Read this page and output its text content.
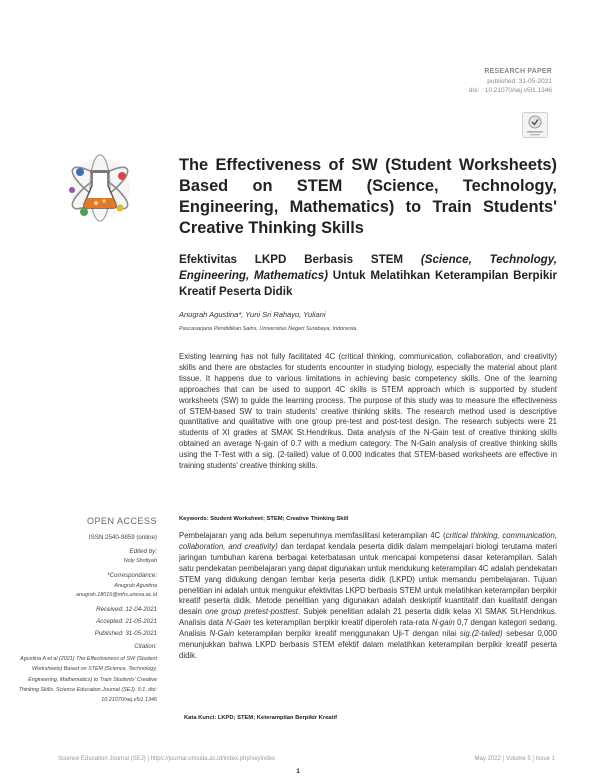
RESEARCH PAPER
published: 31-05-2021
doi: : 10.21070/sej.v5i1.1346
The Effectiveness of SW (Student Worksheets) Based on STEM (Science, Technology, Engineering, Mathematics) to Train Students' Creative Thinking Skills
Efektivitas LKPD Berbasis STEM (Science, Technology, Engineering, Mathematics) Untuk Melatihkan Keterampilan Berpikir Kreatif Peserta Didik
Anugrah Agustina*, Yuni Sri Rahayu, Yuliani
Pascasarjana Pendidikan Sains, Universitas Negeri Surabaya, Indonesia.
Existing learning has not fully facilitated 4C (critical thinking, communication, collaboration, and creativity) skills and there are obstacles for students encounter in studying biology, especially the material about plant tissue. It happens due to various limitations in achieving basic competency skills. One of the learning approaches that can be used to support 4C skills is STEM approach which is supported by student worksheets (SW) to guide the learning process. The purpose of this study was to measure the effectiveness of STEM-based SW to train students' creative thinking skills. The research method used is descriptive quantitative and qualitative with one group pre-test and post-test design. The research subjects were 21 students of XI grades at SMAK St.Hendrikus. Data analysis of the N-Gain test of creative thinking skills obtained an average N-gain of 0.7 with a medium category. The N-Gain analysis of creative thinking skills using the T-Test with a sig. (2-tailed) value of 0.000 indicates that STEM-based worksheets are effective in training students' creative thinking skills.
Keywords: Student Worksheet; STEM; Creative Thinking Skill
Pembelajaran yang ada belum sepenuhnya memfasilitasi keterampilan 4C (critical thinking, communication, collaboration, and creativity) dan terdapat kendala peserta didik dalam mempelajari biologi terutama materi jaringan tumbuhan karena berbagai keterbatasan untuk mencapai kompetensi dasar keterampilan. Salah satu pendekatan pembelajaran yang dapat digunakan untuk mendukung keterampilan 4C adalah pendekatan STEM yang didukung dengan lembar kerja peserta didik (LKPD) untuk memandu pembelajaran. Tujuan penelitian ini adalah untuk mengukur efektivitas LKPD berbasis STEM untuk melatihkan keterampilan berpikir kreatif peserta didik. Metode penelitian yang digunakan adalah deskriptif kuantitatif dan kualitatif dengan desain one group pretest-posttest. Subjek penelitian adalah 21 peserta didik kelas XI SMAK St.Hendrikus. Analisis data N-Gain tes keterampilan berpikir kreatif diperoleh rata-rata N-gain 0,7 dengan kategori sedang. Analisis N-Gain keterampilan berpikir kreatif menggunakan Uji-T dengan nilai sig.(2-tailed) sebesar 0,000 menunjukkan bahwa LKPD berbasis STEM efektif dalam melatihkan keterampilan berpikir kreatif peserta didik.
Kata Kunci: LKPD; STEM; Keterampilan Berpikir Kreatif
OPEN ACCESS
ISSN 2540-9859 (online)
Edited by:
Noly Shofiyah
*Correspondance:
Anugrah Agustina
anugrah.18016@mhs.unesa.ac.id
Received: 12-04-2021
Accepted: 21-05-2021
Published: 31-05-2021
Citation:
Agustina A et al (2021) The Effectiveness of SW (Student Worksheets) Based on STEM (Science, Technology, Engineering, Mathematics) to Train Students' Creative Thinking Skills. Science Education Journal (SEJ). 5:1. doi: 10.21070/sej.v5i1.1346
Science Education Journal (SEJ) | https://journal.umsida.ac.id/index.php/sej/index	May 2022 | Volume 5 | Issue 1
1
